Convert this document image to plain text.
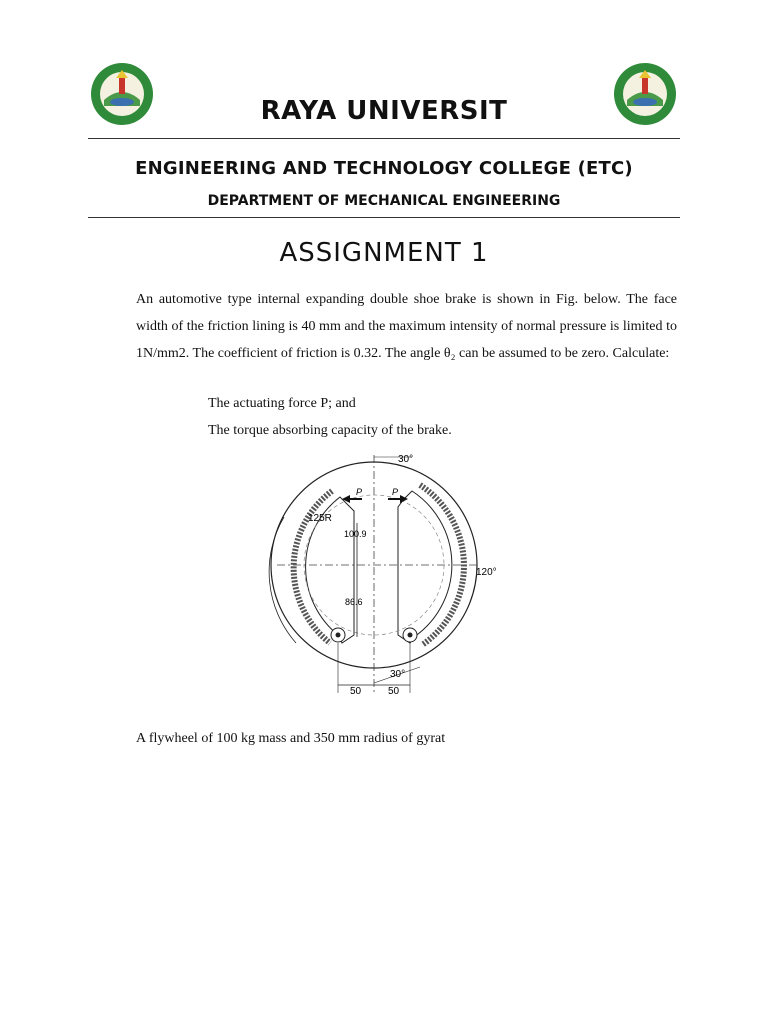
RAYA UNIVERSIT
ENGINEERING AND TECHNOLOGY COLLEGE (ETC)
DEPARTMENT OF MECHANICAL ENGINEERING
ASSIGNMENT 1
An automotive type internal expanding double shoe brake is shown in Fig. below. The face width of the friction lining is 40 mm and the maximum intensity of normal pressure is limited to 1N/mm2. The coefficient of friction is 0.32. The angle θ₂ can be assumed to be zero. Calculate:
The actuating force P; and
The torque absorbing capacity of the brake.
30°
120°
30°
125R
100.9
86.6
50	50
P	P
A flywheel of 100 kg mass and 350 mm radius of gyrat
